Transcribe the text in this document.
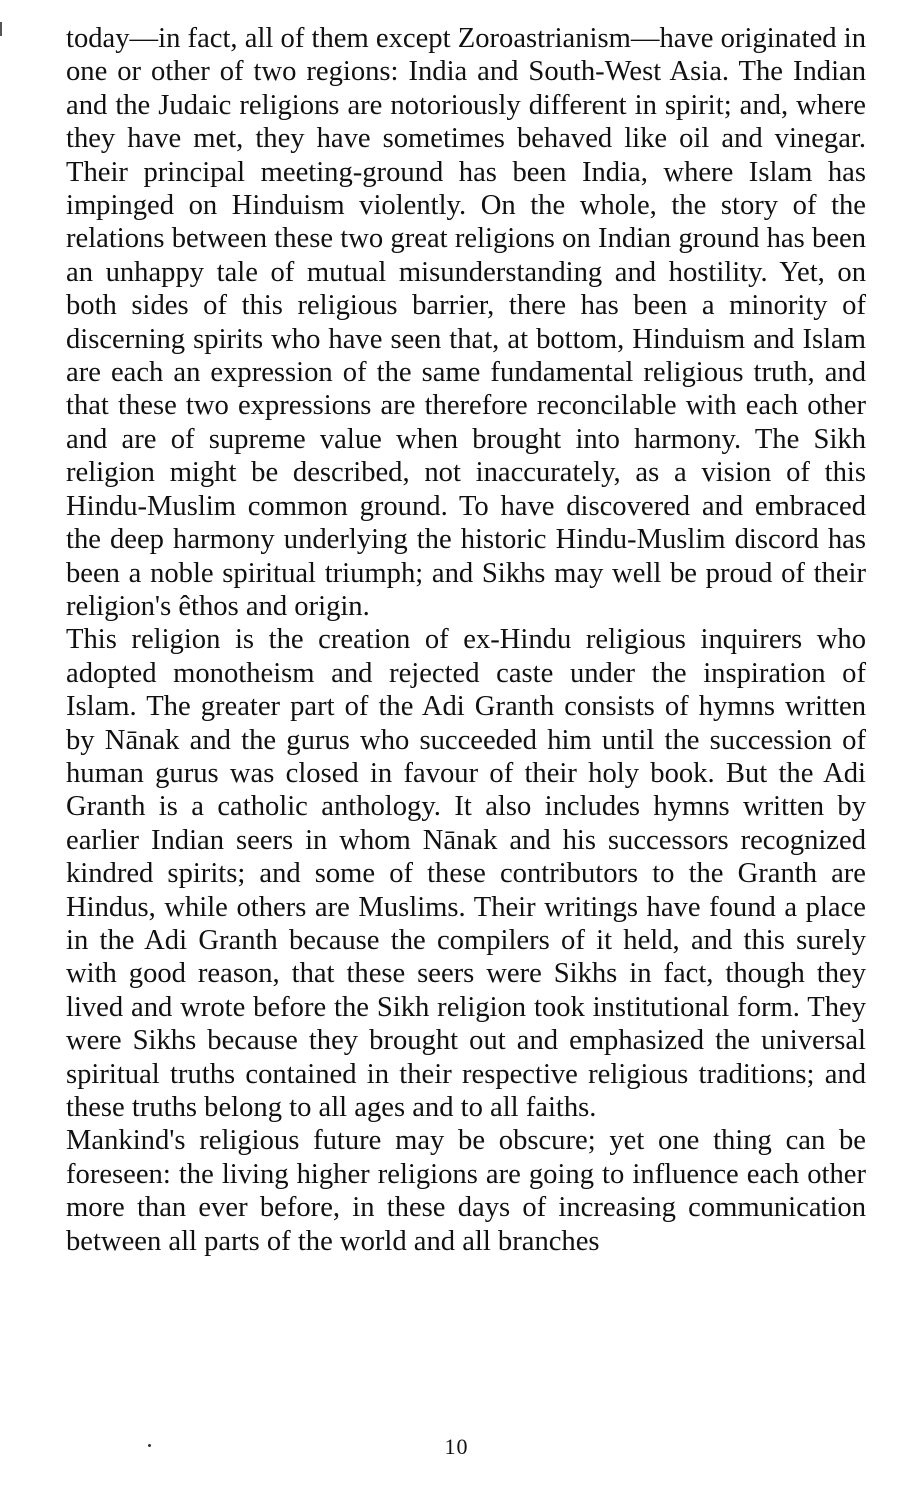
today—in fact, all of them except Zoroastrianism—have originated in one or other of two regions: India and South-West Asia. The Indian and the Judaic religions are notoriously different in spirit; and, where they have met, they have sometimes behaved like oil and vinegar. Their principal meeting-ground has been India, where Islam has impinged on Hinduism violently. On the whole, the story of the relations between these two great religions on Indian ground has been an unhappy tale of mutual misunderstanding and hostility. Yet, on both sides of this religious barrier, there has been a minority of discerning spirits who have seen that, at bottom, Hinduism and Islam are each an expression of the same fundamental religious truth, and that these two expressions are therefore reconcilable with each other and are of supreme value when brought into harmony. The Sikh religion might be described, not inaccurately, as a vision of this Hindu-Muslim common ground. To have discovered and embraced the deep harmony underlying the historic Hindu-Muslim discord has been a noble spiritual triumph; and Sikhs may well be proud of their religion's êthos and origin.

This religion is the creation of ex-Hindu religious inquirers who adopted monotheism and rejected caste under the inspiration of Islam. The greater part of the Adi Granth consists of hymns written by Nānak and the gurus who succeeded him until the succession of human gurus was closed in favour of their holy book. But the Adi Granth is a catholic anthology. It also includes hymns written by earlier Indian seers in whom Nānak and his successors recognized kindred spirits; and some of these contributors to the Granth are Hindus, while others are Muslims. Their writings have found a place in the Adi Granth because the compilers of it held, and this surely with good reason, that these seers were Sikhs in fact, though they lived and wrote before the Sikh religion took institutional form. They were Sikhs because they brought out and emphasized the universal spiritual truths contained in their respective religious traditions; and these truths belong to all ages and to all faiths.

Mankind's religious future may be obscure; yet one thing can be foreseen: the living higher religions are going to influence each other more than ever before, in these days of increasing communication between all parts of the world and all branches

10
